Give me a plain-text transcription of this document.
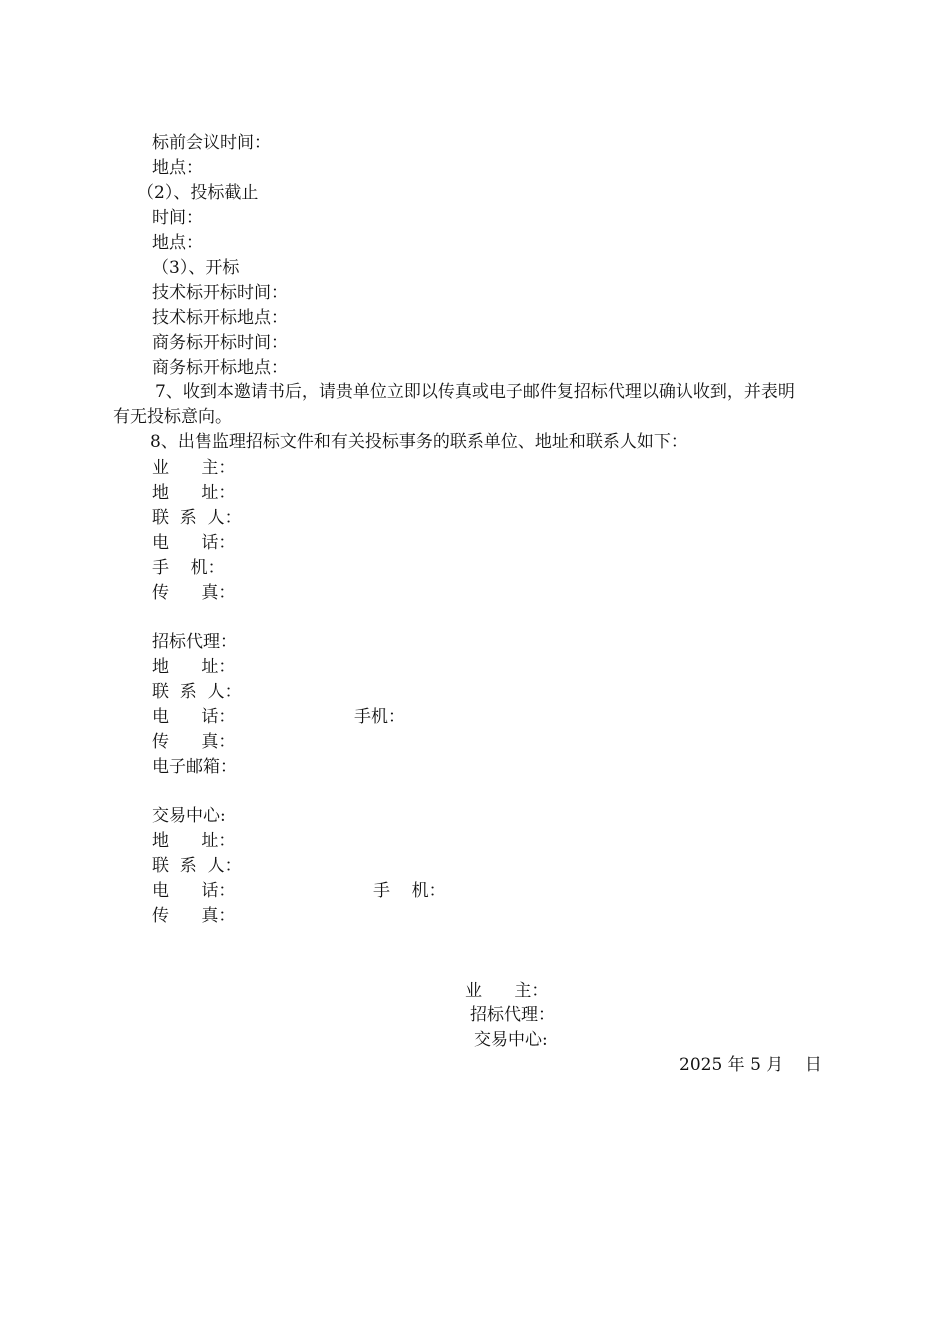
标前会议时间：

地点：

（2）、投标截止

时间：

地点：

（3）、开标

技术标开标时间：

技术标开标地点：

商务标开标时间：

商务标开标地点：

7、收到本邀请书后，请贵单位立即以传真或电子邮件复招标代理以确认收到，并表明

有无投标意向。

8、出售监理招标文件和有关投标事务的联系单位、地址和联系人如下：

业      主：

地      址：

联  系  人：

电      话：

手    机：

传      真：

招标代理：

地      址：

联  系  人：

电      话：	手机：

传      真：

电子邮箱：

交易中心:

地      址：

联  系  人：

电      话：	手    机：

传      真：

业      主：

招标代理：

交易中心:

2025 年 5 月    日
